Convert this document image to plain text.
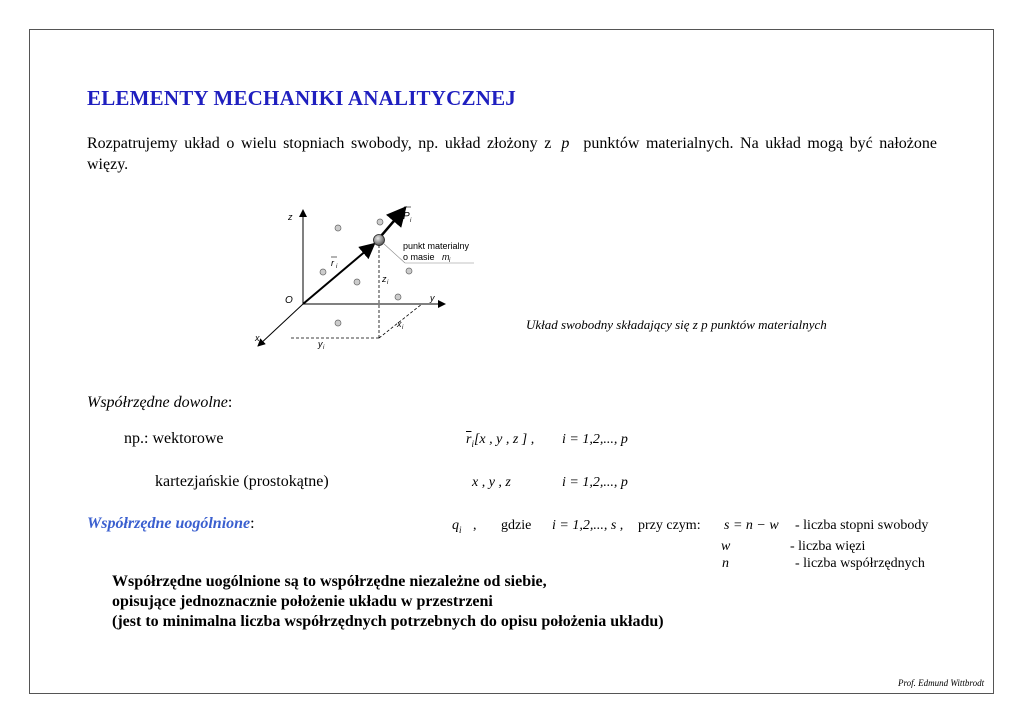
ELEMENTY MECHANIKI ANALITYCZNEJ
Rozpatrujemy układ o wielu stopniach swobody, np. układ złożony z p punktów materialnych. Na układ mogą być nałożone więzy.
z
y
x
O
P i
r i
z i
x i
y i
punkt materialny
o masie m i
Układ swobodny składający się z p punktów materialnych
Współrzędne dowolne:
np.: wektorowe	$\overline{r}_i[x$ , y , z ] , i = 1,2,..., p
kartezjańskie (prostokątne)	x , y , z	i = 1,2,..., p
Współrzędne uogólnione:	$q_i$ , gdzie i = 1,2,..., s , przy czym: s = n − w - liczba stopni swobody
w	- liczba więzi
n	- liczba współrzędnych
Współrzędne uogólnione są to współrzędne niezależne od siebie,
opisujące jednoznacznie położenie układu w przestrzeni
(jest to minimalna liczba współrzędnych potrzebnych do opisu położenia układu)
Prof. Edmund Wittbrodt
